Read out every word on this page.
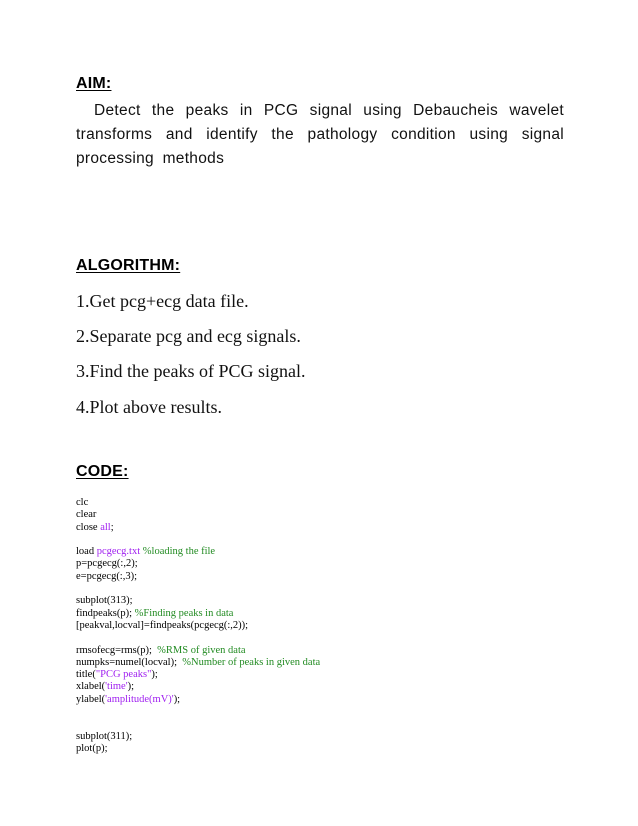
AIM:
Detect the peaks in PCG signal using Debaucheis wavelet transforms and identify the pathology condition using signal processing methods
ALGORITHM:
1.Get pcg+ecg data file.
2.Separate pcg and ecg signals.
3.Find the peaks of PCG signal.
4.Plot above results.
CODE:
clc
clear
close all;
load pcgecg.txt %loading the file
p=pcgecg(:,2);
e=pcgecg(:,3);
subplot(313);
findpeaks(p); %Finding peaks in data
[peakval,locval]=findpeaks(pcgecg(:,2));
rmsofecg=rms(p);  %RMS of given data
numpks=numel(locval);  %Number of peaks in given data
title("PCG peaks");
xlabel('time');
ylabel('amplitude(mV)');
subplot(311);
plot(p);
